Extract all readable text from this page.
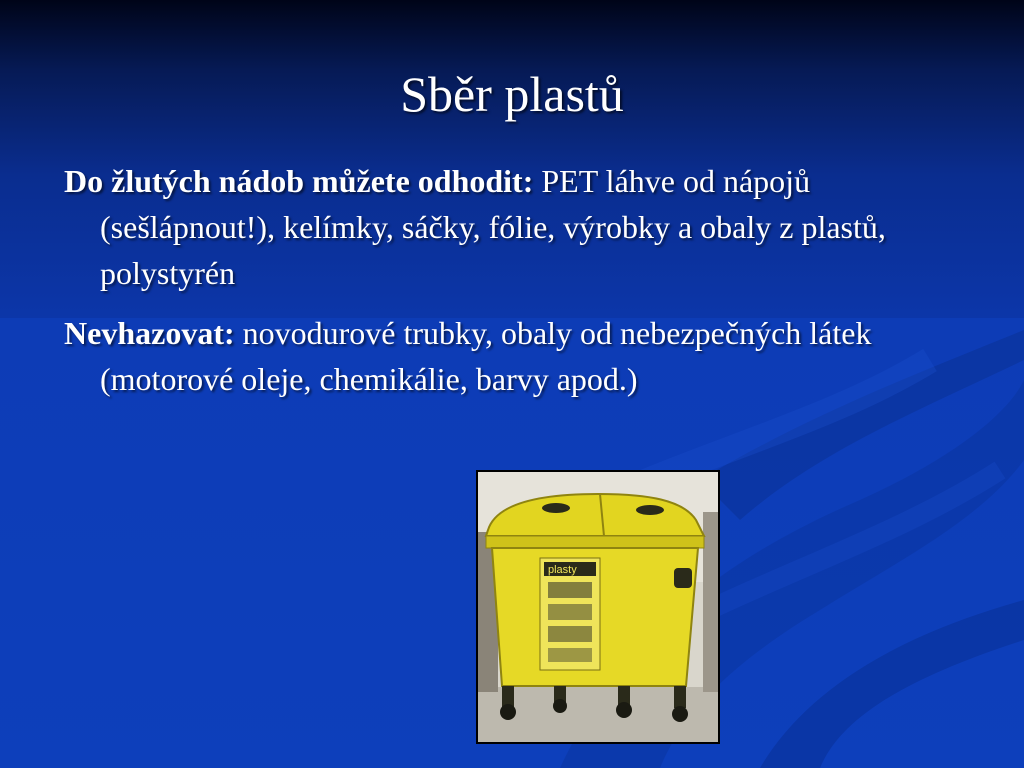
Sběr plastů
Do žlutých nádob můžete odhodit: PET láhve od nápojů (sešlápnout!), kelímky, sáčky, fólie, výrobky a obaly z plastů, polystyrén
Nevhazovat: novodurové trubky, obaly od nebezpečných látek (motorové oleje, chemikálie, barvy apod.)
plasty
